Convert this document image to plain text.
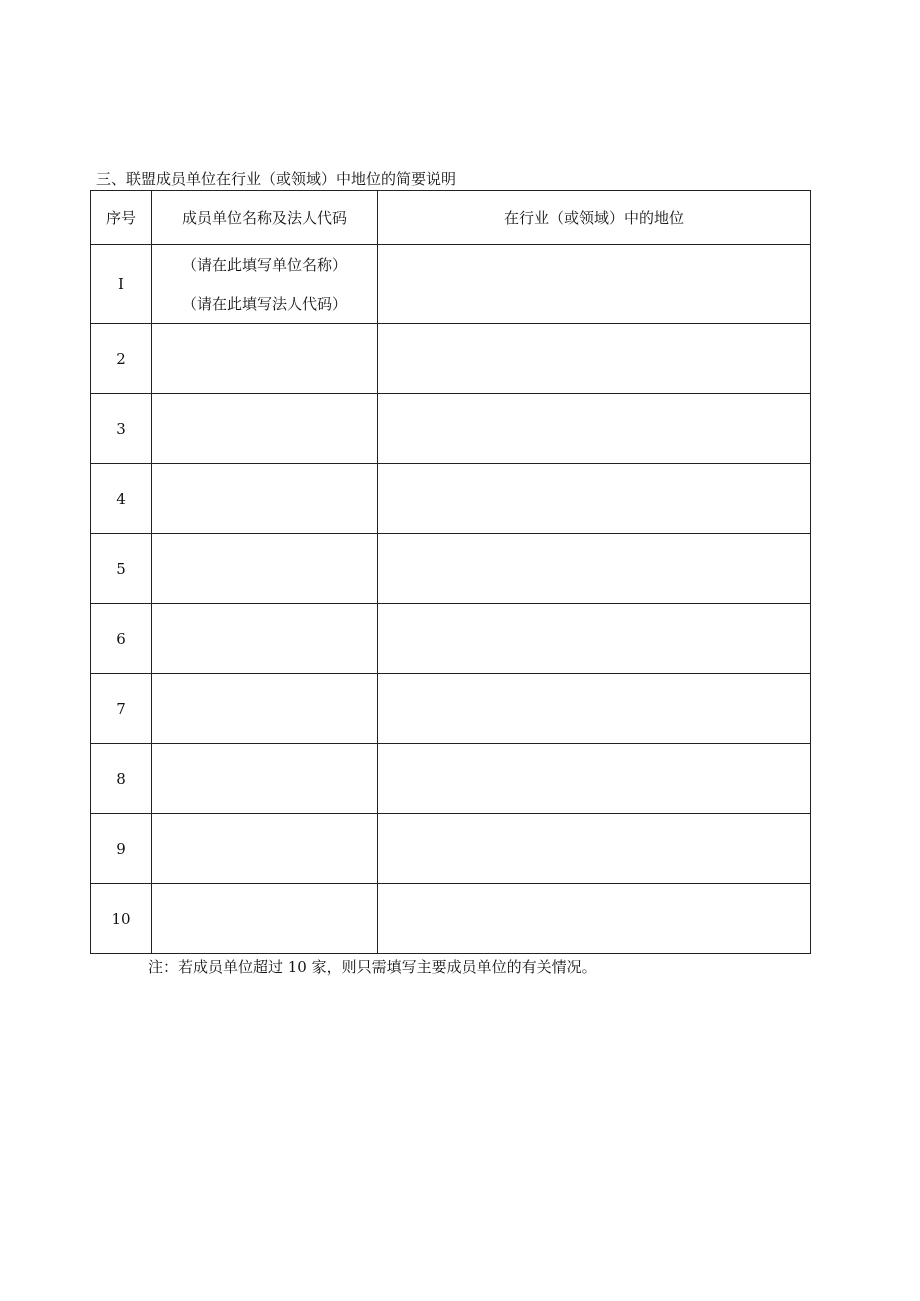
三、联盟成员单位在行业（或领域）中地位的简要说明
序号	成员单位名称及法人代码	在行业（或领域）中的地位
I	（请在此填写单位名称）
（请在此填写法人代码）	

2		
3		
4		
5		
6		
7		
8		
9		
10		
注：若成员单位超过 10 家，则只需填写主要成员单位的有关情况。
